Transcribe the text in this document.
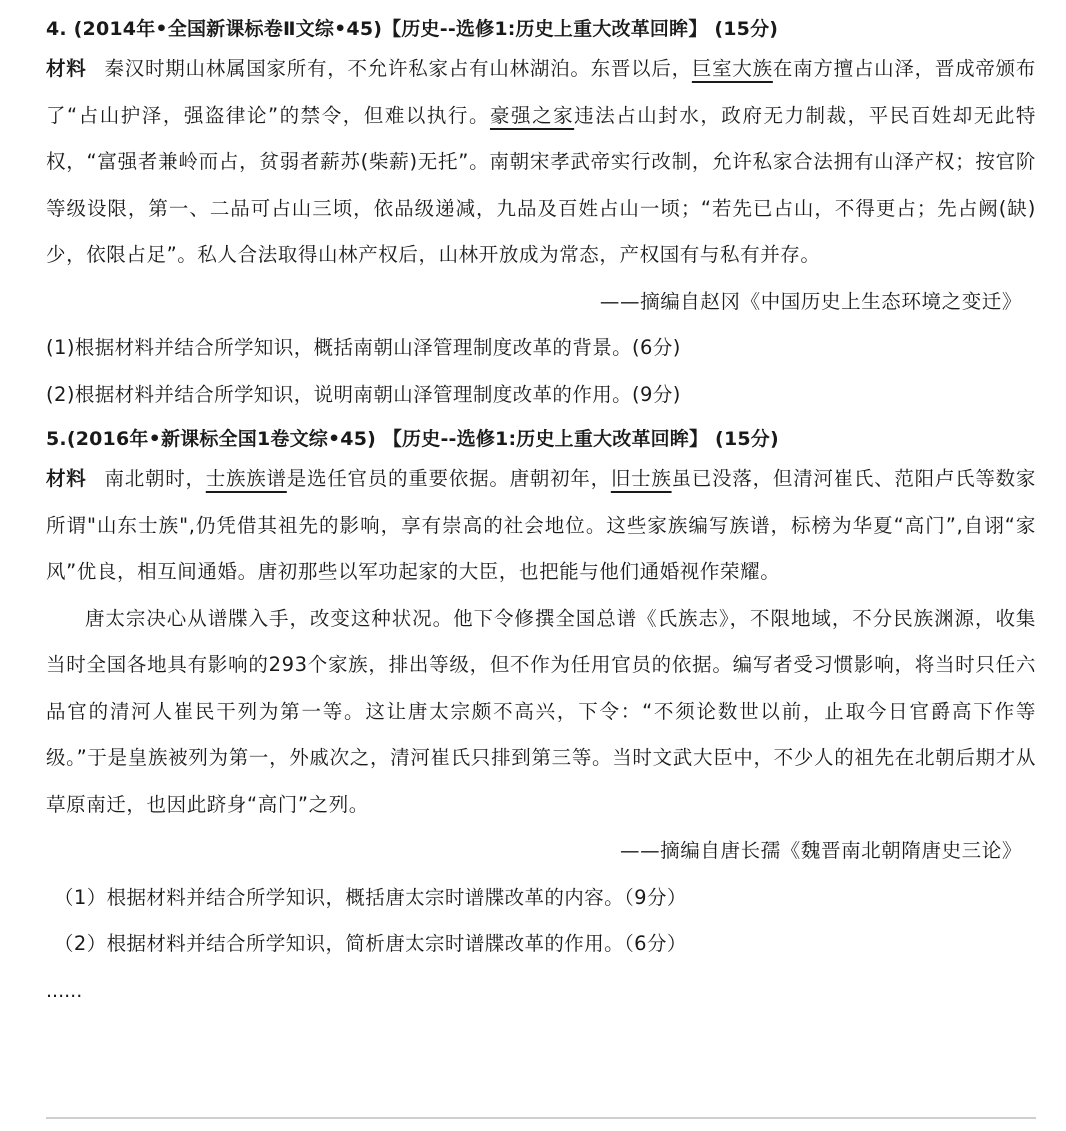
4. (2014年•全国新课标卷Ⅱ文综•45)【历史--选修1:历史上重大改革回眸】 (15分)

材料 秦汉时期山林属国家所有，不允许私家占有山林湖泊。东晋以后，巨室大族在南方擅占山泽，晋成帝颁布了“占山护泽，强盗律论”的禁令，但难以执行。豪强之家违法占山封水，政府无力制裁，平民百姓却无此特权，“富强者兼岭而占，贫弱者薪苏(柴薪)无托”。南朝宋孝武帝实行改制，允许私家合法拥有山泽产权；按官阶等级设限，第一、二品可占山三顷，依品级递减，九品及百姓占山一顷；“若先已占山，不得更占；先占阙(缺)少，依限占足”。私人合法取得山林产权后，山林开放成为常态，产权国有与私有并存。

——摘编自赵冈《中国历史上生态环境之变迁》

(1)根据材料并结合所学知识，概括南朝山泽管理制度改革的背景。(6分)

(2)根据材料并结合所学知识，说明南朝山泽管理制度改革的作用。(9分)

5.(2016年•新课标全国1卷文综•45) 【历史--选修1:历史上重大改革回眸】 (15分)

材料 南北朝时，士族族谱是选任官员的重要依据。唐朝初年，旧士族虽已没落，但清河崔氏、范阳卢氏等数家所谓"山东士族",仍凭借其祖先的影响，享有崇高的社会地位。这些家族编写族谱，标榜为华夏“高门”,自诩“家风”优良，相互间通婚。唐初那些以军功起家的大臣，也把能与他们通婚视作荣耀。

唐太宗决心从谱牒入手，改变这种状况。他下令修撰全国总谱《氏族志》，不限地域，不分民族渊源，收集当时全国各地具有影响的293个家族，排出等级，但不作为任用官员的依据。编写者受习惯影响，将当时只任六品官的清河人崔民干列为第一等。这让唐太宗颇不高兴，下令：“不须论数世以前，止取今日官爵高下作等级。”于是皇族被列为第一，外戚次之，清河崔氏只排到第三等。当时文武大臣中，不少人的祖先在北朝后期才从草原南迁，也因此跻身“高门”之列。

——摘编自唐长孺《魏晋南北朝隋唐史三论》

（1）根据材料并结合所学知识，概括唐太宗时谱牒改革的内容。（9分）

（2）根据材料并结合所学知识，简析唐太宗时谱牒改革的作用。（6分）

......
